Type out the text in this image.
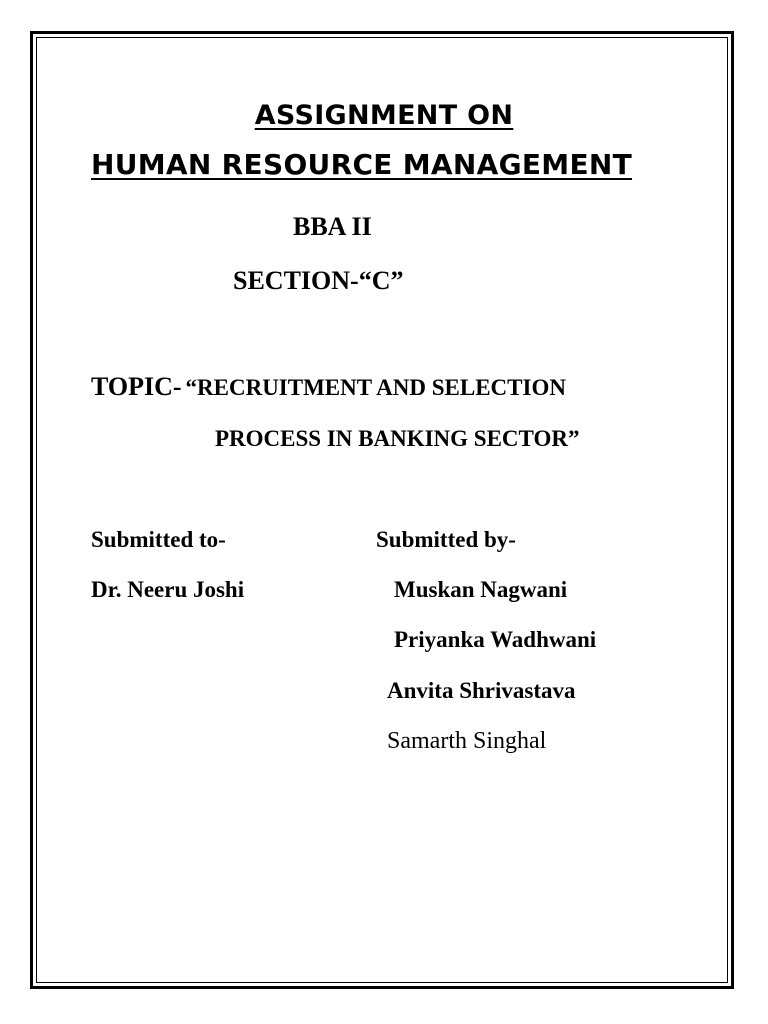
ASSIGNMENT ON
HUMAN RESOURCE MANAGEMENT
BBA II
SECTION-“C”
TOPIC- “RECRUITMENT AND SELECTION
PROCESS IN BANKING SECTOR”
Submitted to-
Dr. Neeru Joshi
Submitted by-
Muskan Nagwani
Priyanka Wadhwani
Anvita Shrivastava
Samarth Singhal
